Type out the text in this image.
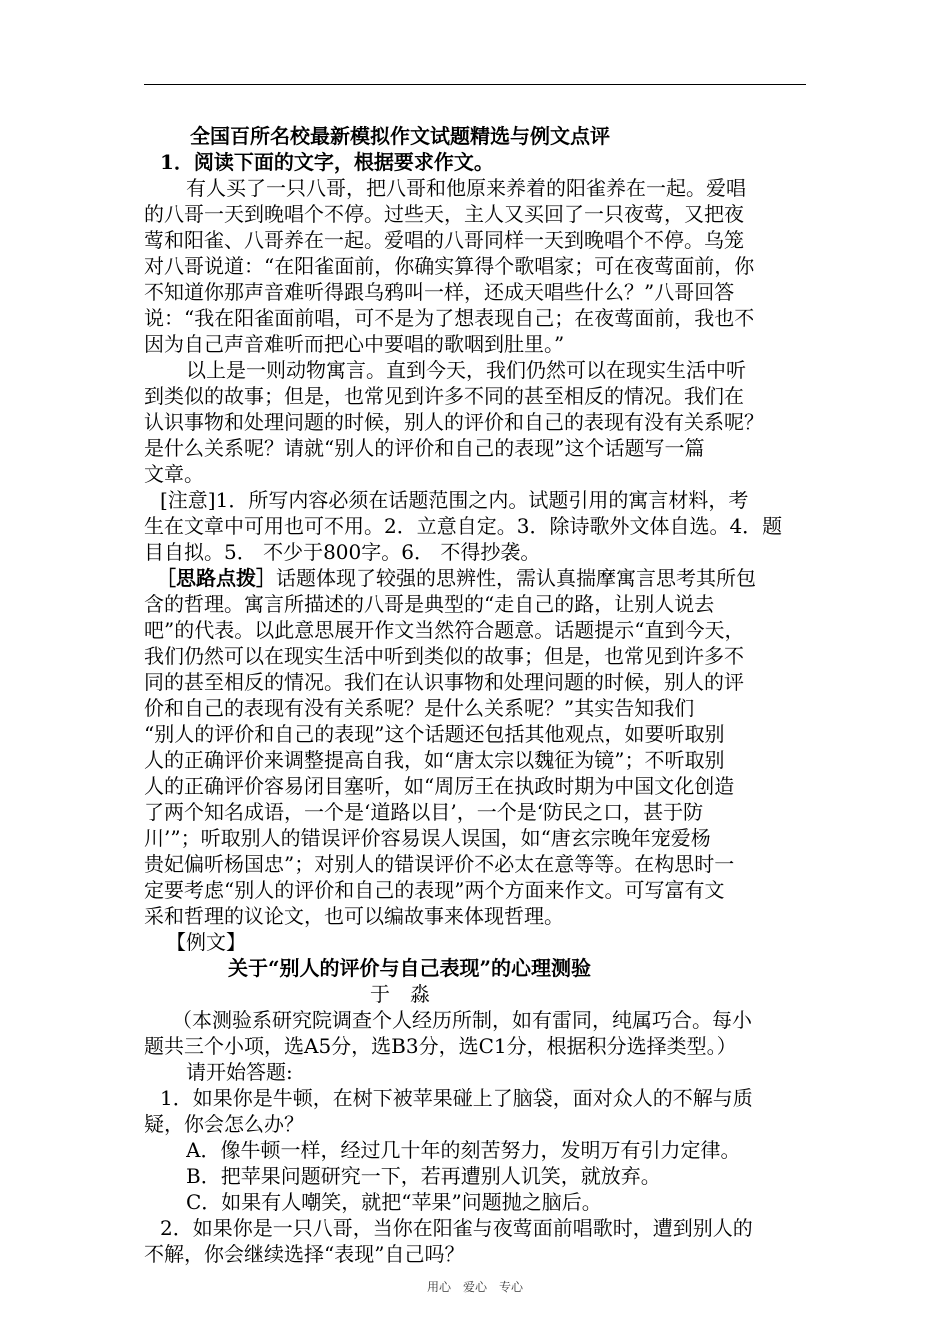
全国百所名校最新模拟作文试题精选与例文点评
1．阅读下面的文字，根据要求作文。
有人买了一只八哥，把八哥和他原来养着的阳雀养在一起。爱唱
的八哥一天到晚唱个不停。过些天，主人又买回了一只夜莺，又把夜
莺和阳雀、八哥养在一起。爱唱的八哥同样一天到晚唱个不停。乌笼
对八哥说道：“在阳雀面前，你确实算得个歌唱家；可在夜莺面前，你
不知道你那声音难听得跟乌鸦叫一样，还成天唱些什么？”八哥回答
说：“我在阳雀面前唱，可不是为了想表现自己；在夜莺面前，我也不
因为自己声音难听而把心中要唱的歌咽到肚里。”
以上是一则动物寓言。直到今天，我们仍然可以在现实生活中听
到类似的故事；但是，也常见到许多不同的甚至相反的情况。我们在
认识事物和处理问题的时候，别人的评价和自己的表现有没有关系呢？
是什么关系呢？请就“别人的评价和自己的表现”这个话题写一篇
文章。
[注意]1．所写内容必须在话题范围之内。试题引用的寓言材料，考
生在文章中可用也可不用。2．立意自定。3．除诗歌外文体自选。4．题
目自拟。5． 不少于800字。6． 不得抄袭。
［思路点拨］话题体现了较强的思辨性，需认真揣摩寓言思考其所包
含的哲理。寓言所描述的八哥是典型的“走自己的路，让别人说去
吧”的代表。以此意思展开作文当然符合题意。话题提示“直到今天，
我们仍然可以在现实生活中听到类似的故事；但是，也常见到许多不
同的甚至相反的情况。我们在认识事物和处理问题的时候，别人的评
价和自己的表现有没有关系呢？是什么关系呢？”其实告知我们
“别人的评价和自己的表现”这个话题还包括其他观点，如要听取别
人的正确评价来调整提高自我，如“唐太宗以魏征为镜”；不听取别
人的正确评价容易闭目塞听，如“周厉王在执政时期为中国文化创造
了两个知名成语，一个是‘道路以目’，一个是‘防民之口，甚于防
川’”；听取别人的错误评价容易误人误国，如“唐玄宗晚年宠爱杨
贵妃偏听杨国忠”；对别人的错误评价不必太在意等等。在构思时一
定要考虑“别人的评价和自己的表现”两个方面来作文。可写富有文
采和哲理的议论文，也可以编故事来体现哲理。
【例文】
关于“别人的评价与自己表现”的心理测验
于　淼
（本测验系研究院调查个人经历所制，如有雷同，纯属巧合。每小
题共三个小项，选A5分，选B3分，选C1分，根据积分选择类型。）
请开始答题:
1．如果你是牛顿，在树下被苹果碰上了脑袋，面对众人的不解与质
疑，你会怎么办？
A．像牛顿一样，经过几十年的刻苦努力，发明万有引力定律。
B．把苹果问题研究一下，若再遭别人讥笑，就放弃。
C．如果有人嘲笑，就把“苹果”问题抛之脑后。
2．如果你是一只八哥，当你在阳雀与夜莺面前唱歌时，遭到别人的
不解，你会继续选择“表现”自己吗？
用心　爱心　专心
